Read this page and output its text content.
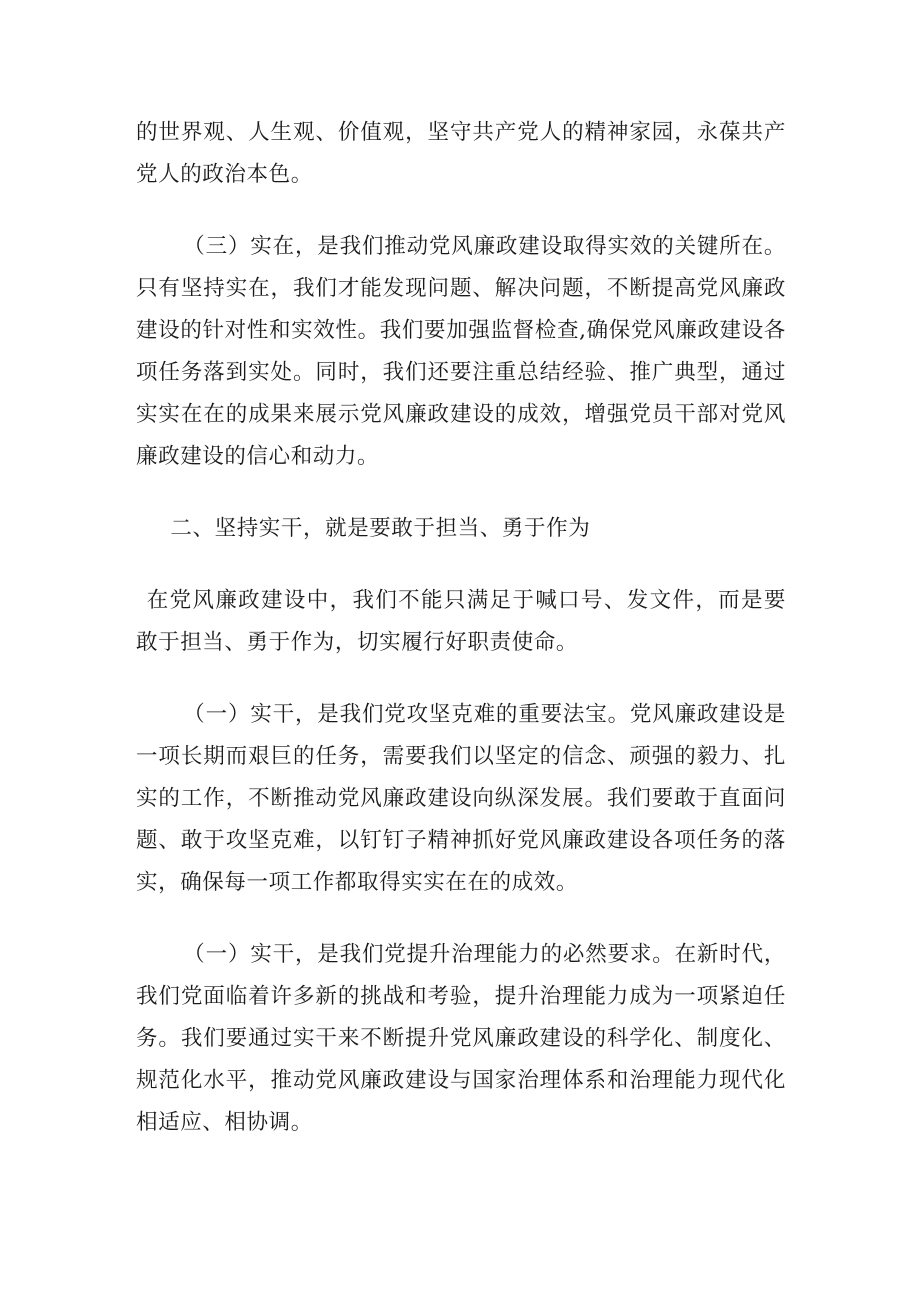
的世界观、人生观、价值观，坚守共产党人的精神家园，永葆共产党人的政治本色。

（三）实在，是我们推动党风廉政建设取得实效的关键所在。只有坚持实在，我们才能发现问题、解决问题，不断提高党风廉政建设的针对性和实效性。我们要加强监督检查,确保党风廉政建设各项任务落到实处。同时，我们还要注重总结经验、推广典型，通过实实在在的成果来展示党风廉政建设的成效，增强党员干部对党风廉政建设的信心和动力。

二、坚持实干，就是要敢于担当、勇于作为

在党风廉政建设中，我们不能只满足于喊口号、发文件，而是要敢于担当、勇于作为，切实履行好职责使命。

（一）实干，是我们党攻坚克难的重要法宝。党风廉政建设是一项长期而艰巨的任务，需要我们以坚定的信念、顽强的毅力、扎实的工作，不断推动党风廉政建设向纵深发展。我们要敢于直面问题、敢于攻坚克难，以钉钉子精神抓好党风廉政建设各项任务的落实，确保每一项工作都取得实实在在的成效。

（一）实干，是我们党提升治理能力的必然要求。在新时代，我们党面临着许多新的挑战和考验，提升治理能力成为一项紧迫任务。我们要通过实干来不断提升党风廉政建设的科学化、制度化、规范化水平，推动党风廉政建设与国家治理体系和治理能力现代化相适应、相协调。
